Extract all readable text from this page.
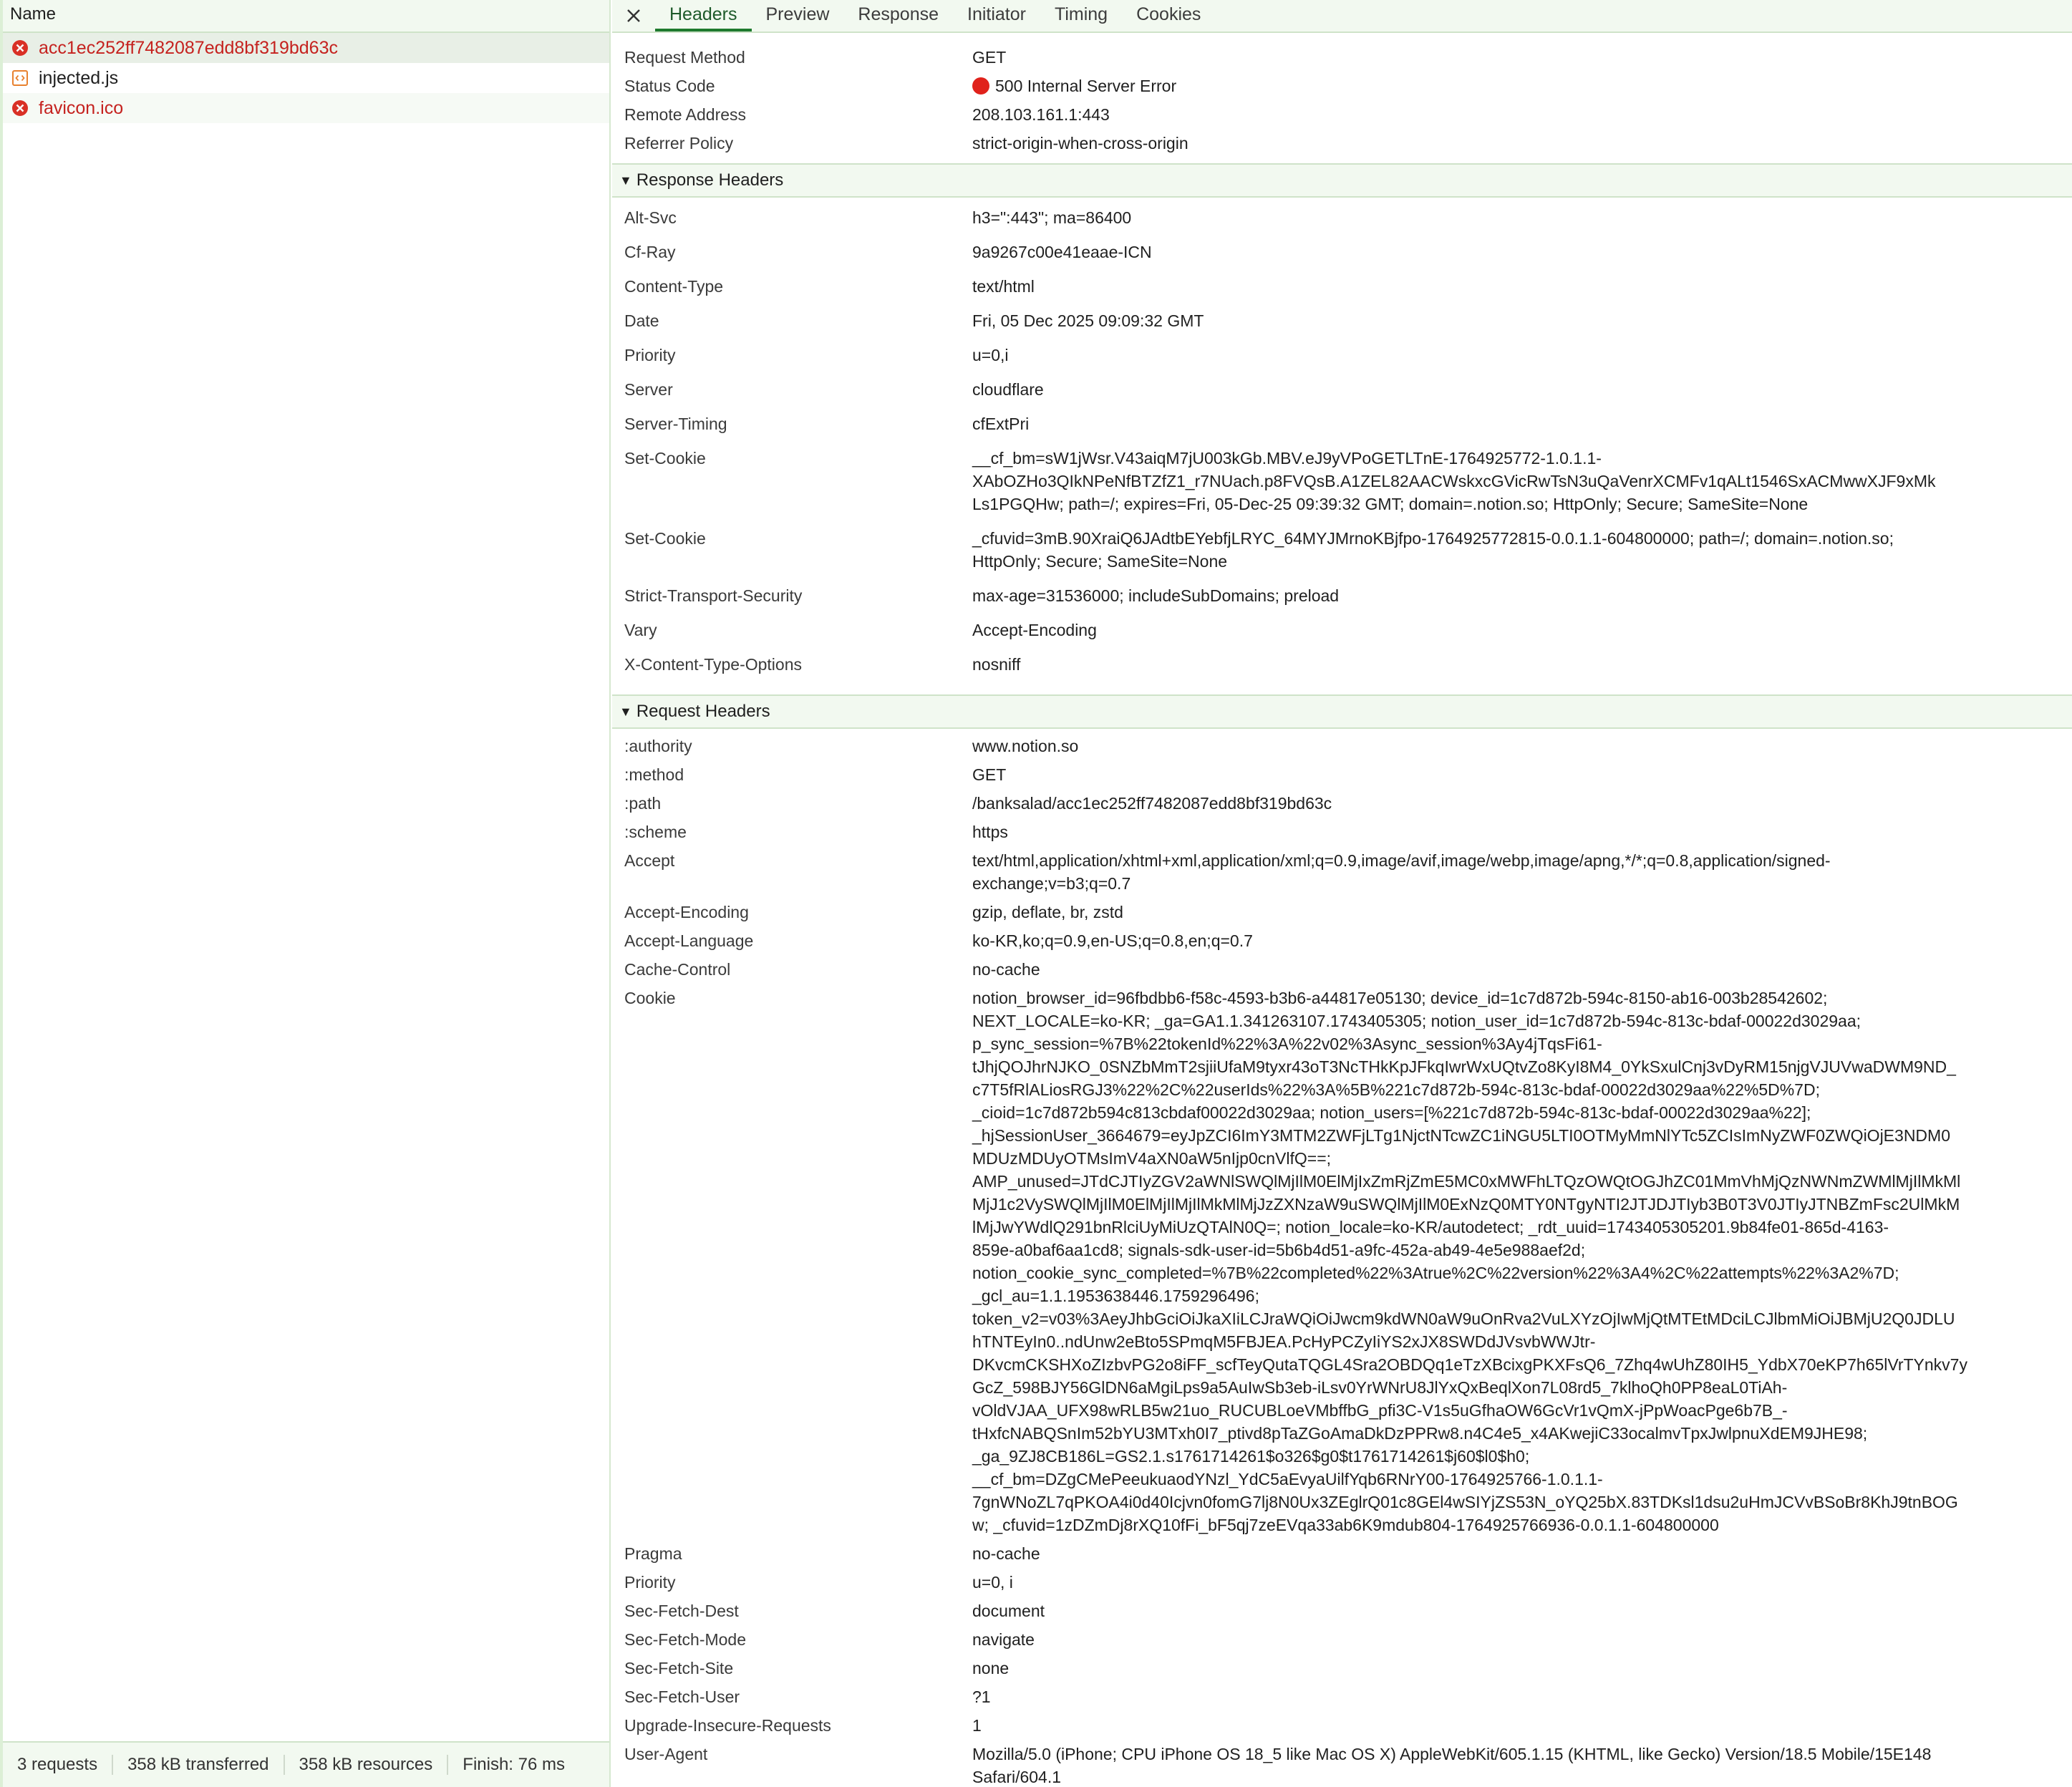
Name
acc1ec252ff7482087edd8bf319bd63c
injected.js
favicon.ico
3 requests	358 kB transferred	358 kB resources	Finish: 76 ms
Headers	Preview	Response	Initiator	Timing	Cookies
Request Method	GET
Status Code	500 Internal Server Error
Remote Address	208.103.161.1:443
Referrer Policy	strict-origin-when-cross-origin
▼ Response Headers
Alt-Svc	h3=":443"; ma=86400
Cf-Ray	9a9267c00e41eaae-ICN
Content-Type	text/html
Date	Fri, 05 Dec 2025 09:09:32 GMT
Priority	u=0,i
Server	cloudflare
Server-Timing	cfExtPri
Set-Cookie	__cf_bm=sW1jWsr.V43aiqM7jU003kGb.MBV.eJ9yVPoGETLTnE-1764925772-1.0.1.1-
XAbOZHo3QIkNPeNfBTZfZ1_r7NUach.p8FVQsB.A1ZEL82AACWskxcGVicRwTsN3uQaVenrXCMFv1qALt1546SxACMwwXJF9xMk
Ls1PGQHw; path=/; expires=Fri, 05-Dec-25 09:39:32 GMT; domain=.notion.so; HttpOnly; Secure; SameSite=None
Set-Cookie	_cfuvid=3mB.90XraiQ6JAdtbEYebfjLRYC_64MYJMrnoKBjfpo-1764925772815-0.0.1.1-604800000; path=/; domain=.notion.so;
HttpOnly; Secure; SameSite=None
Strict-Transport-Security	max-age=31536000; includeSubDomains; preload
Vary	Accept-Encoding
X-Content-Type-Options	nosniff
▼ Request Headers
:authority	www.notion.so
:method	GET
:path	/banksalad/acc1ec252ff7482087edd8bf319bd63c
:scheme	https
Accept	text/html,application/xhtml+xml,application/xml;q=0.9,image/avif,image/webp,image/apng,*/*;q=0.8,application/signed-
exchange;v=b3;q=0.7
Accept-Encoding	gzip, deflate, br, zstd
Accept-Language	ko-KR,ko;q=0.9,en-US;q=0.8,en;q=0.7
Cache-Control	no-cache
Cookie	notion_browser_id=96fbdbb6-f58c-4593-b3b6-a44817e05130; device_id=1c7d872b-594c-8150-ab16-003b28542602;
NEXT_LOCALE=ko-KR; _ga=GA1.1.341263107.1743405305; notion_user_id=1c7d872b-594c-813c-bdaf-00022d3029aa;
p_sync_session=%7B%22tokenId%22%3A%22v02%3Async_session%3Ay4jTqsFi61-
tJhjQOJhrNJKO_0SNZbMmT2sjiiUfaM9tyxr43oT3NcTHkKpJFkqIwrWxUQtvZo8KyI8M4_0YkSxulCnj3vDyRM15njgVJUVwaDWM9ND_
c7T5fRlALiosRGJ3%22%2C%22userIds%22%3A%5B%221c7d872b-594c-813c-bdaf-00022d3029aa%22%5D%7D;
_cioid=1c7d872b594c813cbdaf00022d3029aa; notion_users=[%221c7d872b-594c-813c-bdaf-00022d3029aa%22];
_hjSessionUser_3664679=eyJpZCI6ImY3MTM2ZWFjLTg1NjctNTcwZC1iNGU5LTI0OTMyMmNlYTc5ZCIsImNyZWF0ZWQiOjE3NDM0
MDUzMDUyOTMsImV4aXN0aW5nIjp0cnVlfQ==;
AMP_unused=JTdCJTIyZGV2aWNlSWQlMjIlM0ElMjIxZmRjZmE5MC0xMWFhLTQzOWQtOGJhZC01MmVhMjQzNWNmZWMlMjIlMkMl
MjJ1c2VySWQlMjIlM0ElMjIlMjIlMkMlMjJzZXNzaW9uSWQlMjIlM0ExNzQ0MTY0NTgyNTI2JTJDJTIyb3B0T3V0JTIyJTNBZmFsc2UlMkM
lMjJwYWdlQ291bnRlciUyMiUzQTAlN0Q=; notion_locale=ko-KR/autodetect; _rdt_uuid=1743405305201.9b84fe01-865d-4163-
859e-a0baf6aa1cd8; signals-sdk-user-id=5b6b4d51-a9fc-452a-ab49-4e5e988aef2d;
notion_cookie_sync_completed=%7B%22completed%22%3Atrue%2C%22version%22%3A4%2C%22attempts%22%3A2%7D;
_gcl_au=1.1.1953638446.1759296496;
token_v2=v03%3AeyJhbGciOiJkaXIiLCJraWQiOiJwcm9kdWN0aW9uOnRva2VuLXYzOjIwMjQtMTEtMDciLCJlbmMiOiJBMjU2Q0JDLU
hTNTEyIn0..ndUnw2eBto5SPmqM5FBJEA.PcHyPCZyIiYS2xJX8SWDdJVsvbWWJtr-
DKvcmCKSHXoZIzbvPG2o8iFF_scfTeyQutaTQGL4Sra2OBDQq1eTzXBcixgPKXFsQ6_7Zhq4wUhZ80IH5_YdbX70eKP7h65lVrTYnkv7y
GcZ_598BJY56GlDN6aMgiLps9a5AuIwSb3eb-iLsv0YrWNrU8JlYxQxBeqlXon7L08rd5_7klhoQh0PP8eaL0TiAh-
vOldVJAA_UFX98wRLB5w21uo_RUCUBLoeVMbffbG_pfi3C-V1s5uGfhaOW6GcVr1vQmX-jPpWoacPge6b7B_-
tHxfcNABQSnIm52bYU3MTxh0I7_ptivd8pTaZGoAmaDkDzPPRw8.n4C4e5_x4AKwejiC33ocalmvTpxJwlpnuXdEM9JHE98;
_ga_9ZJ8CB186L=GS2.1.s1761714261$o326$g0$t1761714261$j60$l0$h0;
__cf_bm=DZgCMePeeukuaodYNzl_YdC5aEvyaUilfYqb6RNrY00-1764925766-1.0.1.1-
7gnWNoZL7qPKOA4i0d40Icjvn0fomG7lj8N0Ux3ZEglrQ01c8GEl4wSIYjZS53N_oYQ25bX.83TDKsl1dsu2uHmJCVvBSoBr8KhJ9tnBOG
w; _cfuvid=1zDZmDj8rXQ10fFi_bF5qj7zeEVqa33ab6K9mdub804-1764925766936-0.0.1.1-604800000
Pragma	no-cache
Priority	u=0, i
Sec-Fetch-Dest	document
Sec-Fetch-Mode	navigate
Sec-Fetch-Site	none
Sec-Fetch-User	?1
Upgrade-Insecure-Requests	1
User-Agent	Mozilla/5.0 (iPhone; CPU iPhone OS 18_5 like Mac OS X) AppleWebKit/605.1.15 (KHTML, like Gecko) Version/18.5 Mobile/15E148
Safari/604.1
